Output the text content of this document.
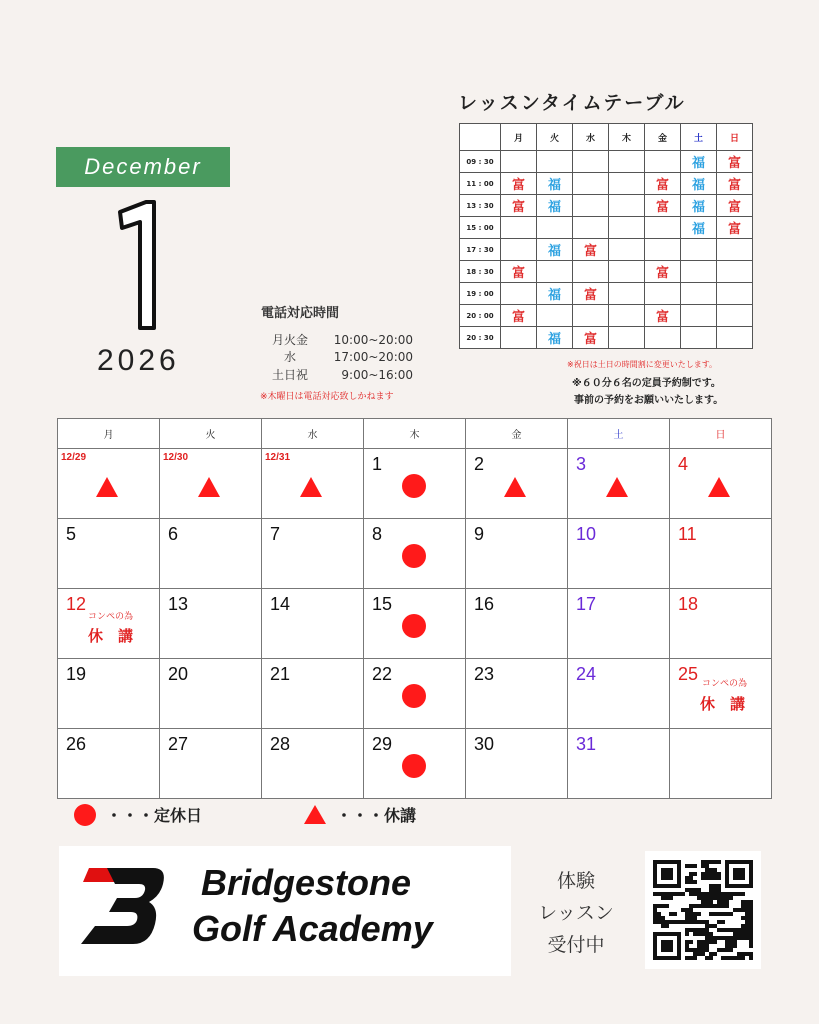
December
2026
電話対応時間
月火金 10:00~20:00
水	17:00~20:00
土日祝	9:00~16:00
※木曜日は電話対応致しかねます
レッスンタイムテーブル
	月	火	水	木	金	土	日
09 : 30						福	富
11 : 00	富	福			富	福	富
13 : 30	富	福			富	福	富
15 : 00						福	富
17 : 30		福	富				
18 : 30	富				富		
19 : 00		福	富				
20 : 00	富				富		
20 : 30		福	富				
※祝日は土日の時間割に変更いたします。
※６０分６名の定員予約制です。
事前の予約をお願いいたします。
月	火	水	木	金	土	日

12/29	12/30	12/31	1	2	3	4

5	6	7	8	9	10	11

12
コンペの為
休　講	13	14	15	16	17	18

19	20	21	22	23	24	25 コンペの為
休　講

26	27	28	29	30	31	

・・・定休日	・・・休講
Bridgestone
Golf Academy
体験
レッスン
受付中
